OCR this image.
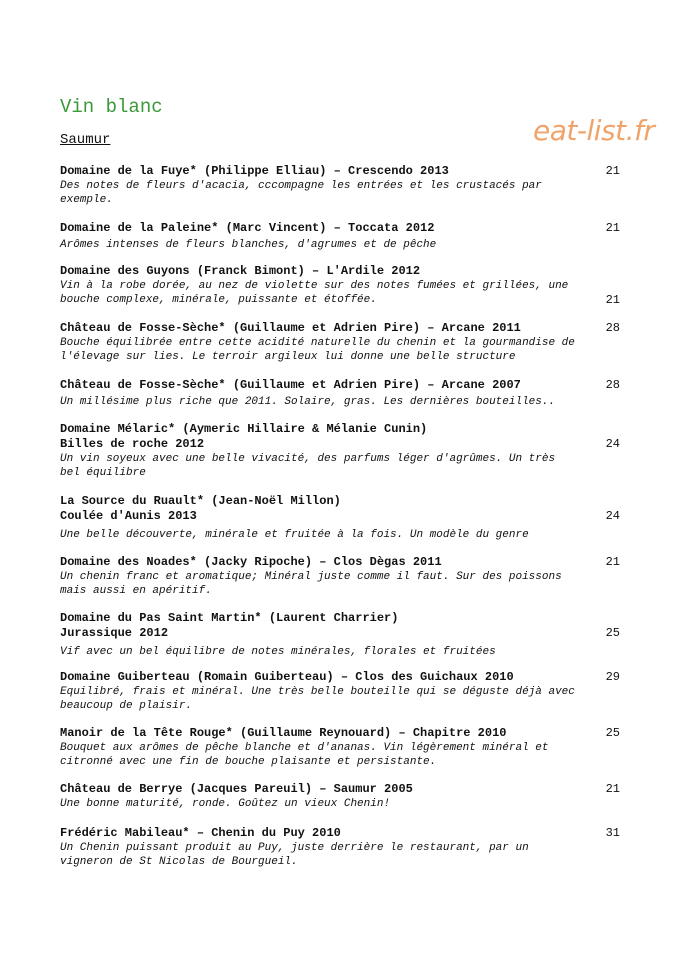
Vin blanc
Saumur	eat-list.fr
Domaine de la Fuye* (Philippe Elliau) – Crescendo 2013
Des notes de fleurs d'acacia, cccompagne les entrées et les crustacés par exemple.
21
Domaine de la Paleine* (Marc Vincent) – Toccata 2012
Arômes intenses de fleurs blanches, d'agrumes et de pêche
21
Domaine des Guyons (Franck Bimont) – L'Ardile 2012
Vin à la robe dorée, au nez de violette sur des notes fumées et grillées, une bouche complexe, minérale, puissante et étoffée.	21
Château de Fosse-Sèche* (Guillaume et Adrien Pire) – Arcane 2011
Bouche équilibrée entre cette acidité naturelle du chenin et la gourmandise de l'élevage sur lies. Le terroir argileux lui donne une belle structure
28
Château de Fosse-Sèche* (Guillaume et Adrien Pire) – Arcane 2007
Un millésime plus riche que 2011. Solaire, gras. Les dernières bouteilles..
28
Domaine Mélaric* (Aymeric Hillaire & Mélanie Cunin)
Billes de roche 2012
Un vin soyeux avec une belle vivacité, des parfums léger d'agrûmes. Un très bel équilibre
24
La Source du Ruault* (Jean-Noël Millon)
Coulée d'Aunis 2013
Une belle découverte, minérale et fruitée à la fois. Un modèle du genre
24
Domaine des Noades* (Jacky Ripoche) – Clos Dègas 2011
Un chenin franc et aromatique; Minéral juste comme il faut. Sur des poissons mais aussi en apéritif.
21
Domaine du Pas Saint Martin* (Laurent Charrier)
Jurassique 2012
Vif avec un bel équilibre de notes minérales, florales et fruitées
25
Domaine Guiberteau (Romain Guiberteau) – Clos des Guichaux 2010
Equilibré, frais et minéral. Une très belle bouteille qui se déguste déjà avec beaucoup de plaisir.
29
Manoir de la Tête Rouge* (Guillaume Reynouard) – Chapitre 2010
Bouquet aux arômes de pêche blanche et d'ananas. Vin légèrement minéral et citronné avec une fin de bouche plaisante et persistante.
25
Château de Berrye (Jacques Pareuil) – Saumur 2005
Une bonne maturité, ronde. Goûtez un vieux Chenin!
21
Frédéric Mabileau* – Chenin du Puy 2010
Un Chenin puissant produit au Puy, juste derrière le restaurant, par un vigneron de St Nicolas de Bourgueil.
31
